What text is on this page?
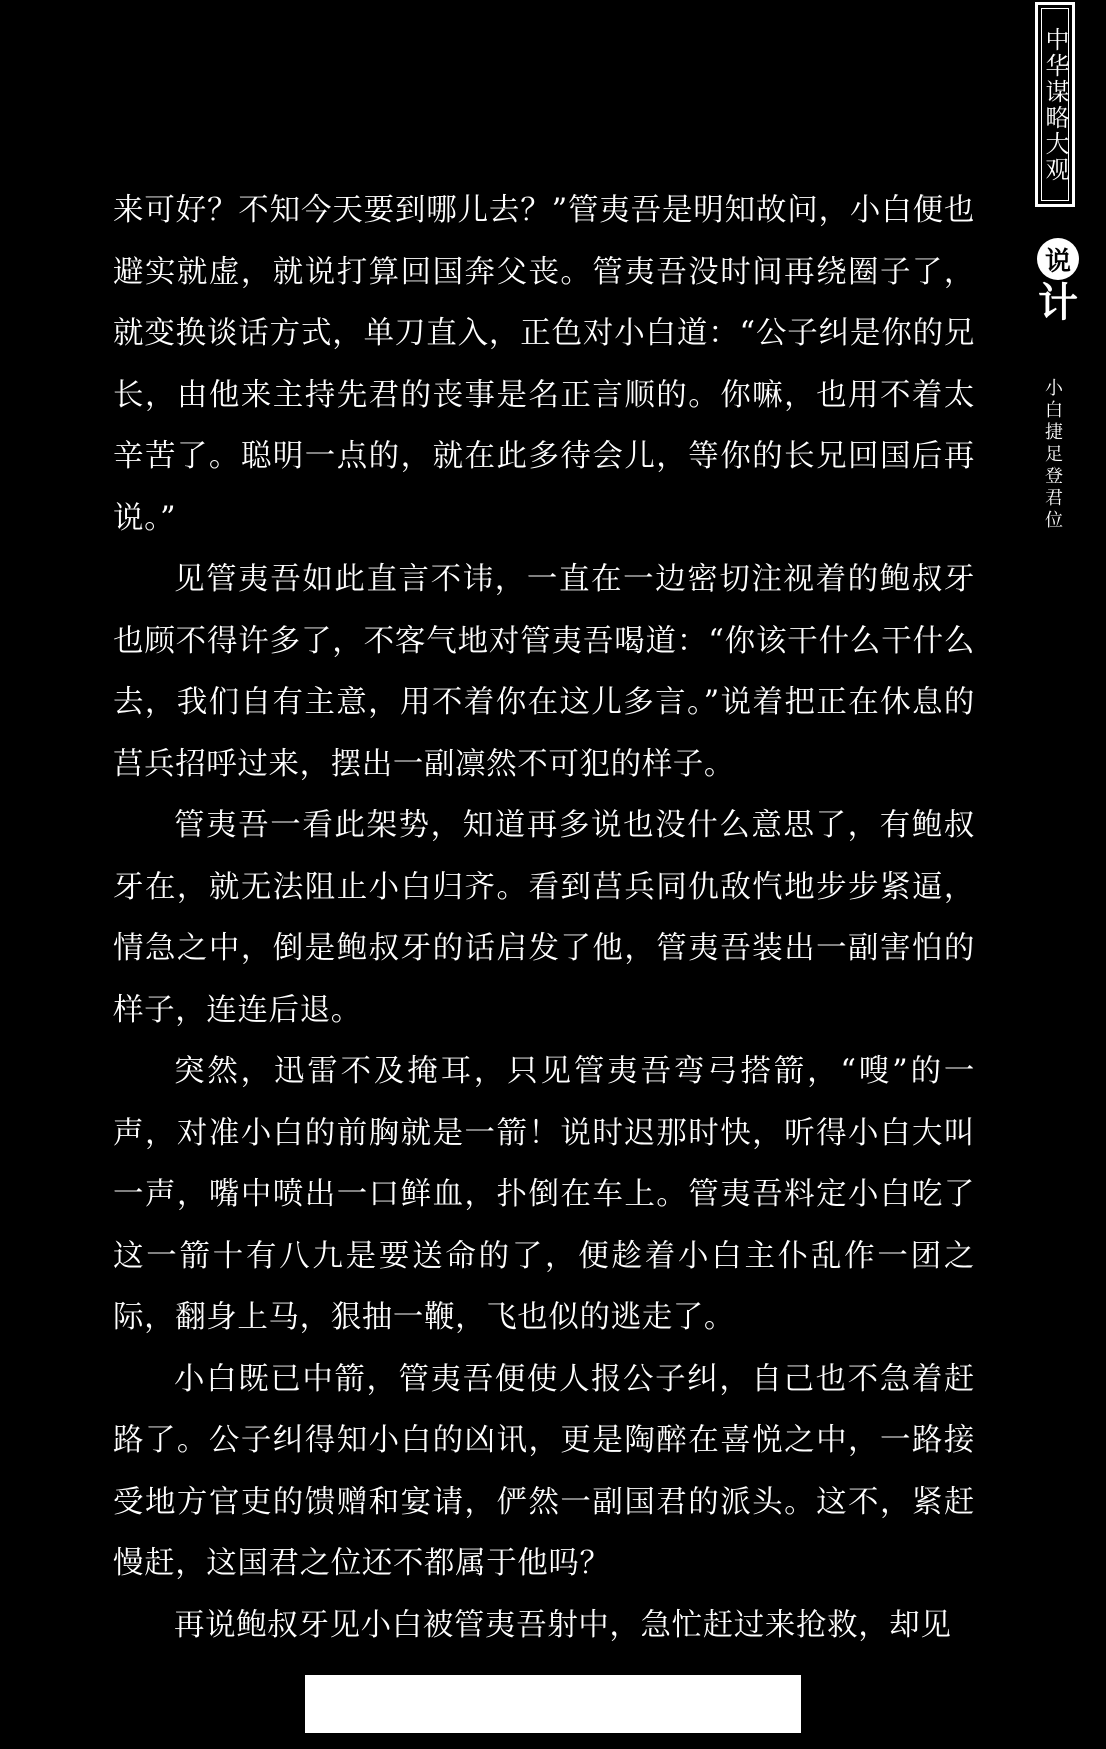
中华谋略大观
说
计
小白捷足登君位

来可好？不知今天要到哪儿去？”管夷吾是明知故问，小白便也避实就虚，就说打算回国奔父丧。管夷吾没时间再绕圈子了，就变换谈话方式，单刀直入，正色对小白道：“公子纠是你的兄长，由他来主持先君的丧事是名正言顺的。你嘛，也用不着太辛苦了。聪明一点的，就在此多待会儿，等你的长兄回国后再说。”

见管夷吾如此直言不讳，一直在一边密切注视着的鲍叔牙也顾不得许多了，不客气地对管夷吾喝道：“你该干什么干什么去，我们自有主意，用不着你在这儿多言。”说着把正在休息的莒兵招呼过来，摆出一副凛然不可犯的样子。

管夷吾一看此架势，知道再多说也没什么意思了，有鲍叔牙在，就无法阻止小白归齐。看到莒兵同仇敌忾地步步紧逼，情急之中，倒是鲍叔牙的话启发了他，管夷吾装出一副害怕的样子，连连后退。

突然，迅雷不及掩耳，只见管夷吾弯弓搭箭，“嗖”的一声，对准小白的前胸就是一箭！说时迟那时快，听得小白大叫一声，嘴中喷出一口鲜血，扑倒在车上。管夷吾料定小白吃了这一箭十有八九是要送命的了，便趁着小白主仆乱作一团之际，翻身上马，狠抽一鞭，飞也似的逃走了。

小白既已中箭，管夷吾便使人报公子纠，自己也不急着赶路了。公子纠得知小白的凶讯，更是陶醉在喜悦之中，一路接受地方官吏的馈赠和宴请，俨然一副国君的派头。这不，紧赶慢赶，这国君之位还不都属于他吗？

再说鲍叔牙见小白被管夷吾射中，急忙赶过来抢救，却见
